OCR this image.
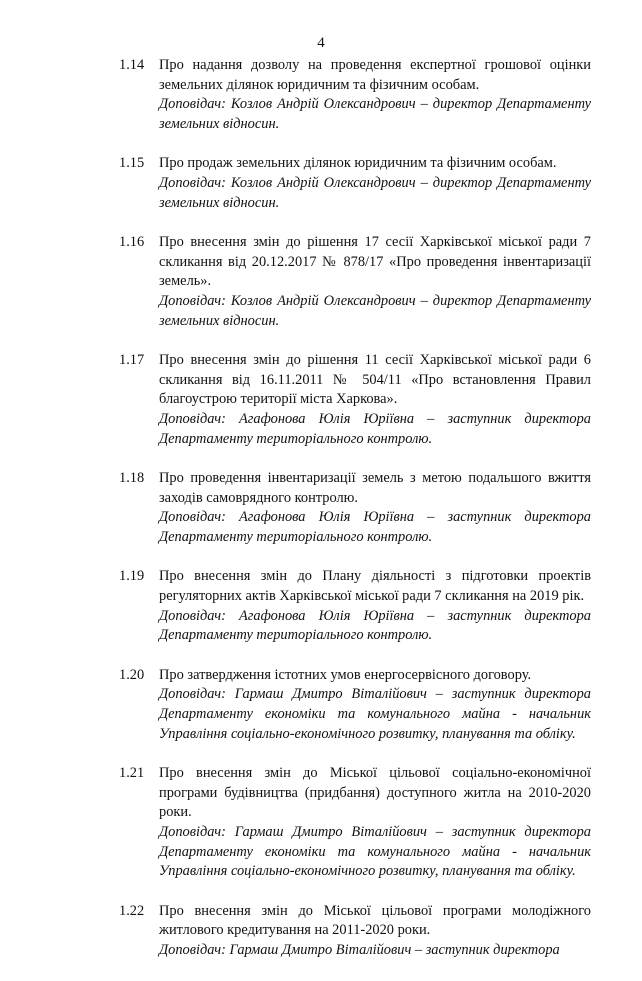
4
1.14	Про надання дозволу на проведення експертної грошової оцінки земельних ділянок юридичним та фізичним особам.
Доповідач: Козлов Андрій Олександрович – директор Департаменту земельних відносин.
1.15	Про продаж земельних ділянок юридичним та фізичним особам.
Доповідач: Козлов Андрій Олександрович – директор Департаменту земельних відносин.
1.16	Про внесення змін до рішення 17 сесії Харківської міської ради 7 скликання від 20.12.2017 № 878/17 «Про проведення інвентаризації земель».
Доповідач: Козлов Андрій Олександрович – директор Департаменту земельних відносин.
1.17	Про внесення змін до рішення 11 сесії Харківської міської ради 6 скликання від 16.11.2011 № 504/11 «Про встановлення Правил благоустрою території міста Харкова».
Доповідач: Агафонова Юлія Юріївна – заступник директора Департаменту територіального контролю.
1.18	Про проведення інвентаризації земель з метою подальшого вжиття заходів самоврядного контролю.
Доповідач: Агафонова Юлія Юріївна – заступник директора Департаменту територіального контролю.
1.19	Про внесення змін до Плану діяльності з підготовки проектів регуляторних актів Харківської міської ради 7 скликання на 2019 рік.
Доповідач: Агафонова Юлія Юріївна – заступник директора Департаменту територіального контролю.
1.20	Про затвердження істотних умов енергосервісного договору.
Доповідач: Гармаш Дмитро Віталійович – заступник директора Департаменту економіки та комунального майна - начальник Управління соціально-економічного розвитку, планування та обліку.
1.21	Про внесення змін до Міської цільової соціально-економічної програми будівництва (придбання) доступного житла на 2010-2020 роки.
Доповідач: Гармаш Дмитро Віталійович – заступник директора Департаменту економіки та комунального майна - начальник Управління соціально-економічного розвитку, планування та обліку.
1.22	Про внесення змін до Міської цільової програми молодіжного житлового кредитування на 2011-2020 роки.
Доповідач: Гармаш Дмитро Віталійович – заступник директора
